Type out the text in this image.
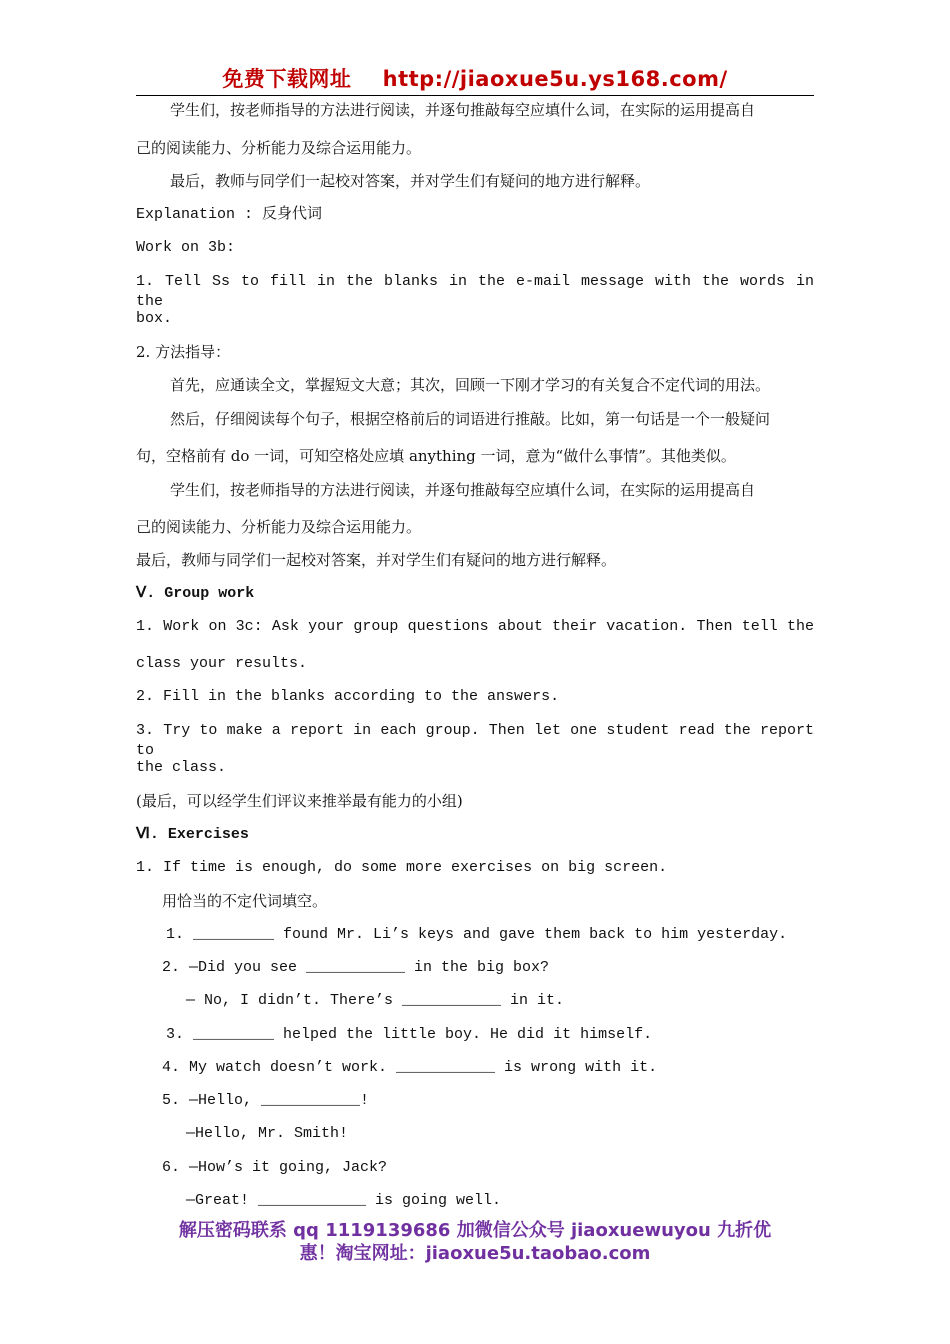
免费下载网址    http://jiaoxue5u.ys168.com/
学生们，按老师指导的方法进行阅读，并逐句推敲每空应填什么词，在实际的运用提高自
己的阅读能力、分析能力及综合运用能力。
最后，教师与同学们一起校对答案，并对学生们有疑问的地方进行解释。
Explanation : 反身代词
Work on 3b:
1. Tell Ss to fill in the blanks in the e-mail message with the words in the
box.
2. 方法指导：
首先，应通读全文，掌握短文大意；其次，回顾一下刚才学习的有关复合不定代词的用法。
然后，仔细阅读每个句子，根据空格前后的词语进行推敲。比如，第一句话是一个一般疑问
句，空格前有 do 一词，可知空格处应填 anything 一词，意为“做什么事情”。其他类似。
学生们，按老师指导的方法进行阅读，并逐句推敲每空应填什么词，在实际的运用提高自
己的阅读能力、分析能力及综合运用能力。
最后，教师与同学们一起校对答案，并对学生们有疑问的地方进行解释。
Ⅴ. Group work
1. Work on 3c: Ask your group questions about their vacation. Then tell the
class your results.
2. Fill in the blanks according to the answers.
3. Try to make a report in each group. Then let one student read the report to
the class.
(最后，可以经学生们评议来推举最有能力的小组)
Ⅵ. Exercises
1. If time is enough, do some more exercises on big screen.
用恰当的不定代词填空。
1. _________ found Mr. Li’s keys and gave them back to him yesterday.
2. —Did you see ___________ in the big box?
— No, I didn’t. There’s ___________ in it.
3. _________ helped the little boy. He did it himself.
4. My watch doesn’t work. ___________ is wrong with it.
5. —Hello, ___________!
—Hello, Mr. Smith!
6. —How’s it going, Jack?
—Great! ____________ is going well.
解压密码联系 qq 1119139686 加微信公众号 jiaoxuewuyou 九折优
惠！淘宝网址：jiaoxue5u.taobao.com
